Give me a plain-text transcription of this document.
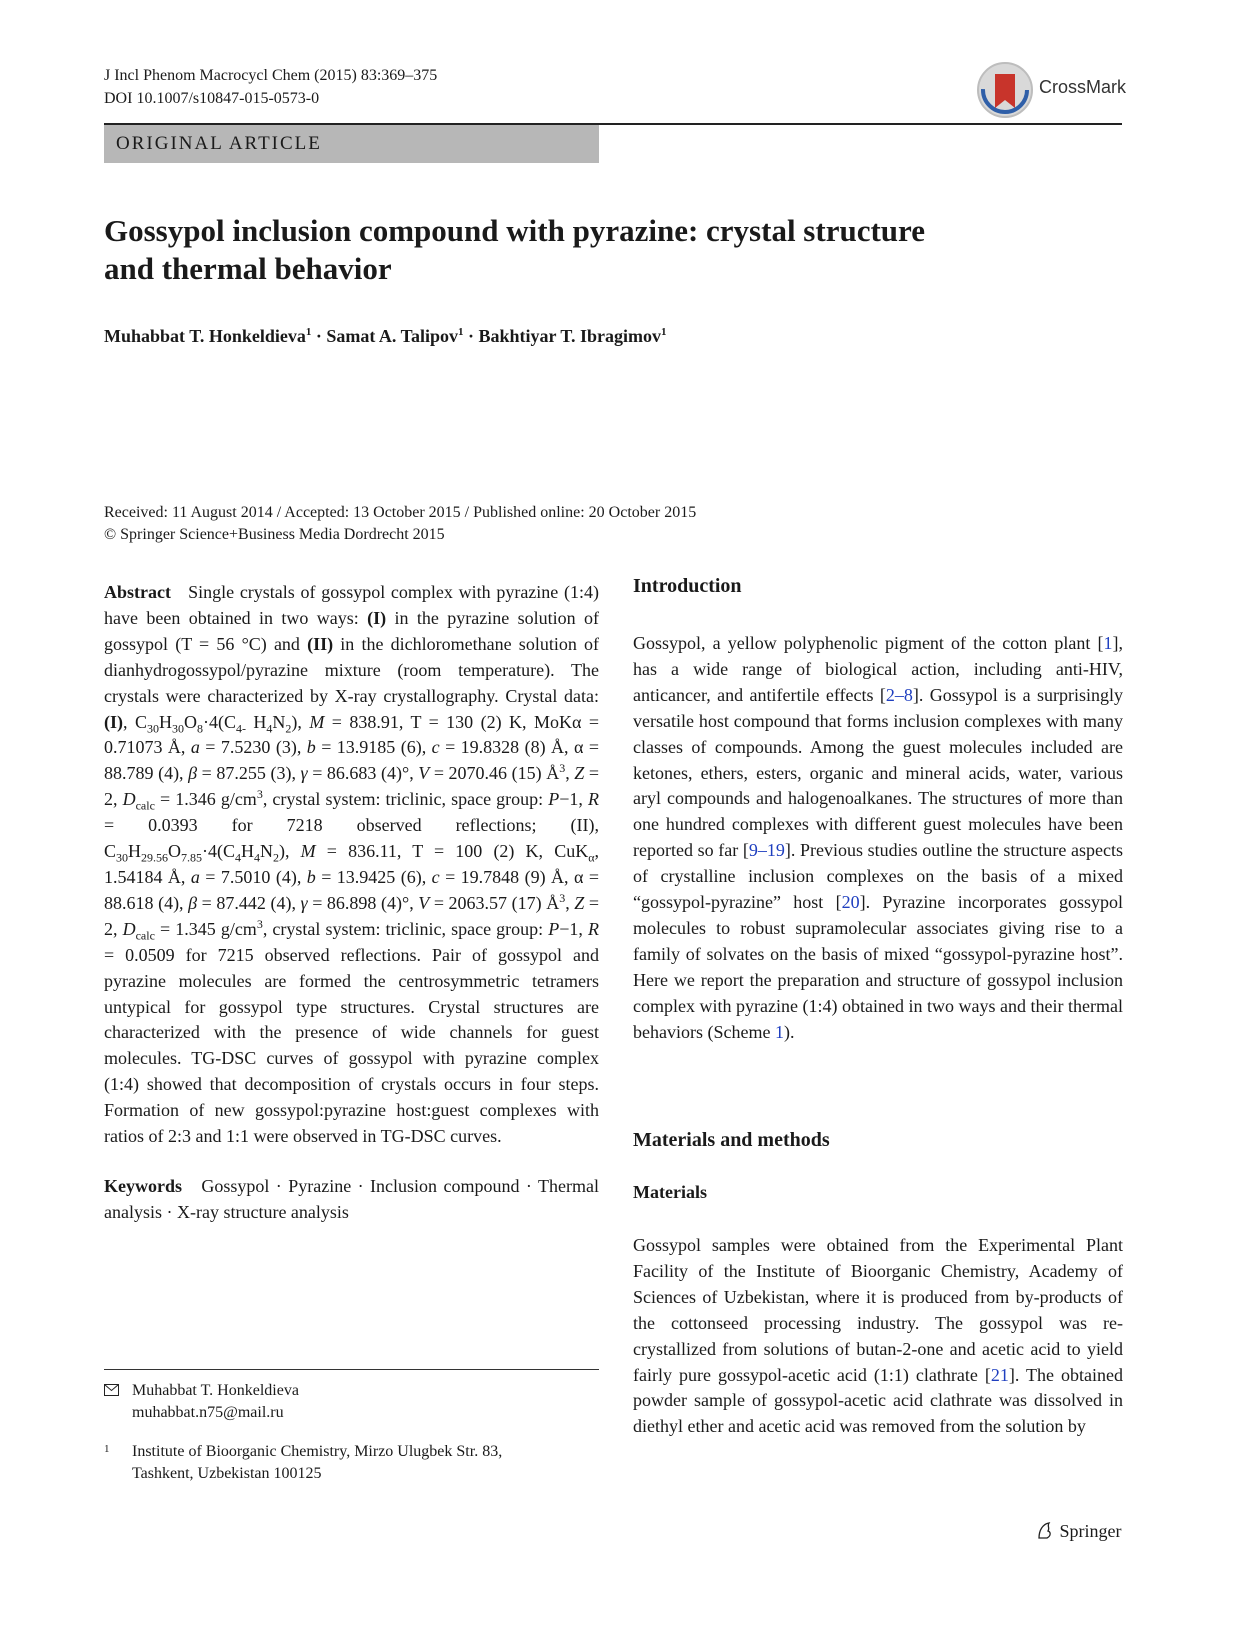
J Incl Phenom Macrocycl Chem (2015) 83:369–375
DOI 10.1007/s10847-015-0573-0
CrossMark
ORIGINAL ARTICLE
Gossypol inclusion compound with pyrazine: crystal structure
and thermal behavior
Muhabbat T. Honkeldieva$^1$ · Samat A. Talipov$^1$ · Bakhtiyar T. Ibragimov$^1$
Received: 11 August 2014 / Accepted: 13 October 2015 / Published online: 20 October 2015
© Springer Science+Business Media Dordrecht 2015

Abstract   Single crystals of gossypol complex with pyrazine (1:4) have been obtained in two ways: (I) in the pyrazine solution of gossypol (T = 56 °C) and (II) in the dichloromethane solution of dianhydrogossypol/pyrazine mixture (room temperature). The crystals were characterized by X-ray crystallography. Crystal data: (I), $C_{30}H_{30}O_8\cdot 4(C_{4-}$ $H_4N_2$), M = 838.91, T = 130 (2) K, MoKα = 0.71073 Å, a = 7.5230 (3), b = 13.9185 (6), c = 19.8328 (8) Å, α = 88.789 (4), β = 87.255 (3), γ = 86.683 (4)°, V = 2070.46 (15) $Å^3$, Z = 2, $D_{calc} = 1.346$ $g/cm^3$, crystal system: triclinic, space group: P−1, R = 0.0393 for 7218 observed reflections; (II), $C_{30}H_{29.56}O_{7.85}\cdot 4(C_4H_4N_2)$, M = 836.11, T = 100 (2) K, CuK$_\alpha$, 1.54184 Å, a = 7.5010 (4), b = 13.9425 (6), c = 19.7848 (9) Å, α = 88.618 (4), β = 87.442 (4), γ = 86.898 (4)°, V = 2063.57 (17) $Å^3$, Z = 2, $D_{calc} = 1.345$ $g/cm^3$, crystal system: triclinic, space group: P−1, R = 0.0509 for 7215 observed reflections. Pair of gossypol and pyrazine molecules are formed the centrosymmetric tetramers untypical for gossypol type structures. Crystal structures are characterized with the presence of wide channels for guest molecules. TG-DSC curves of gossypol with pyrazine complex (1:4) showed that decomposition of crystals occurs in four steps. Formation of new gossypol:pyrazine host:guest complexes with ratios of 2:3 and 1:1 were observed in TG-DSC curves.

Keywords Gossypol · Pyrazine · Inclusion compound · Thermal analysis · X-ray structure analysis

Muhabbat T. Honkeldieva
muhabbat.n75@mail.ru
1 Institute of Bioorganic Chemistry, Mirzo Ulugbek Str. 83,
Tashkent, Uzbekistan 100125
Introduction

Gossypol, a yellow polyphenolic pigment of the cotton plant [1], has a wide range of biological action, including anti-HIV, anticancer, and antifertile effects [2–8]. Gossypol is a surprisingly versatile host compound that forms inclusion complexes with many classes of compounds. Among the guest molecules included are ketones, ethers, esters, organic and mineral acids, water, various aryl compounds and halogenoalkanes. The structures of more than one hundred complexes with different guest molecules have been reported so far [9–19]. Previous studies outline the structure aspects of crystalline inclusion complexes on the basis of a mixed “gossypol-pyrazine” host [20]. Pyrazine incorporates gossypol molecules to robust supramolecular associates giving rise to a family of solvates on the basis of mixed “gossypol-pyrazine host”. Here we report the preparation and structure of gossypol inclusion complex with pyrazine (1:4) obtained in two ways and their thermal behaviors (Scheme 1).

Materials and methods
Materials

Gossypol samples were obtained from the Experimental Plant Facility of the Institute of Bioorganic Chemistry, Academy of Sciences of Uzbekistan, where it is produced from by-products of the cottonseed processing industry. The gossypol was re-crystallized from solutions of butan-2-one and acetic acid to yield fairly pure gossypol-acetic acid (1:1) clathrate [21]. The obtained powder sample of gossypol-acetic acid clathrate was dissolved in diethyl ether and acetic acid was removed from the solution by

Springer
